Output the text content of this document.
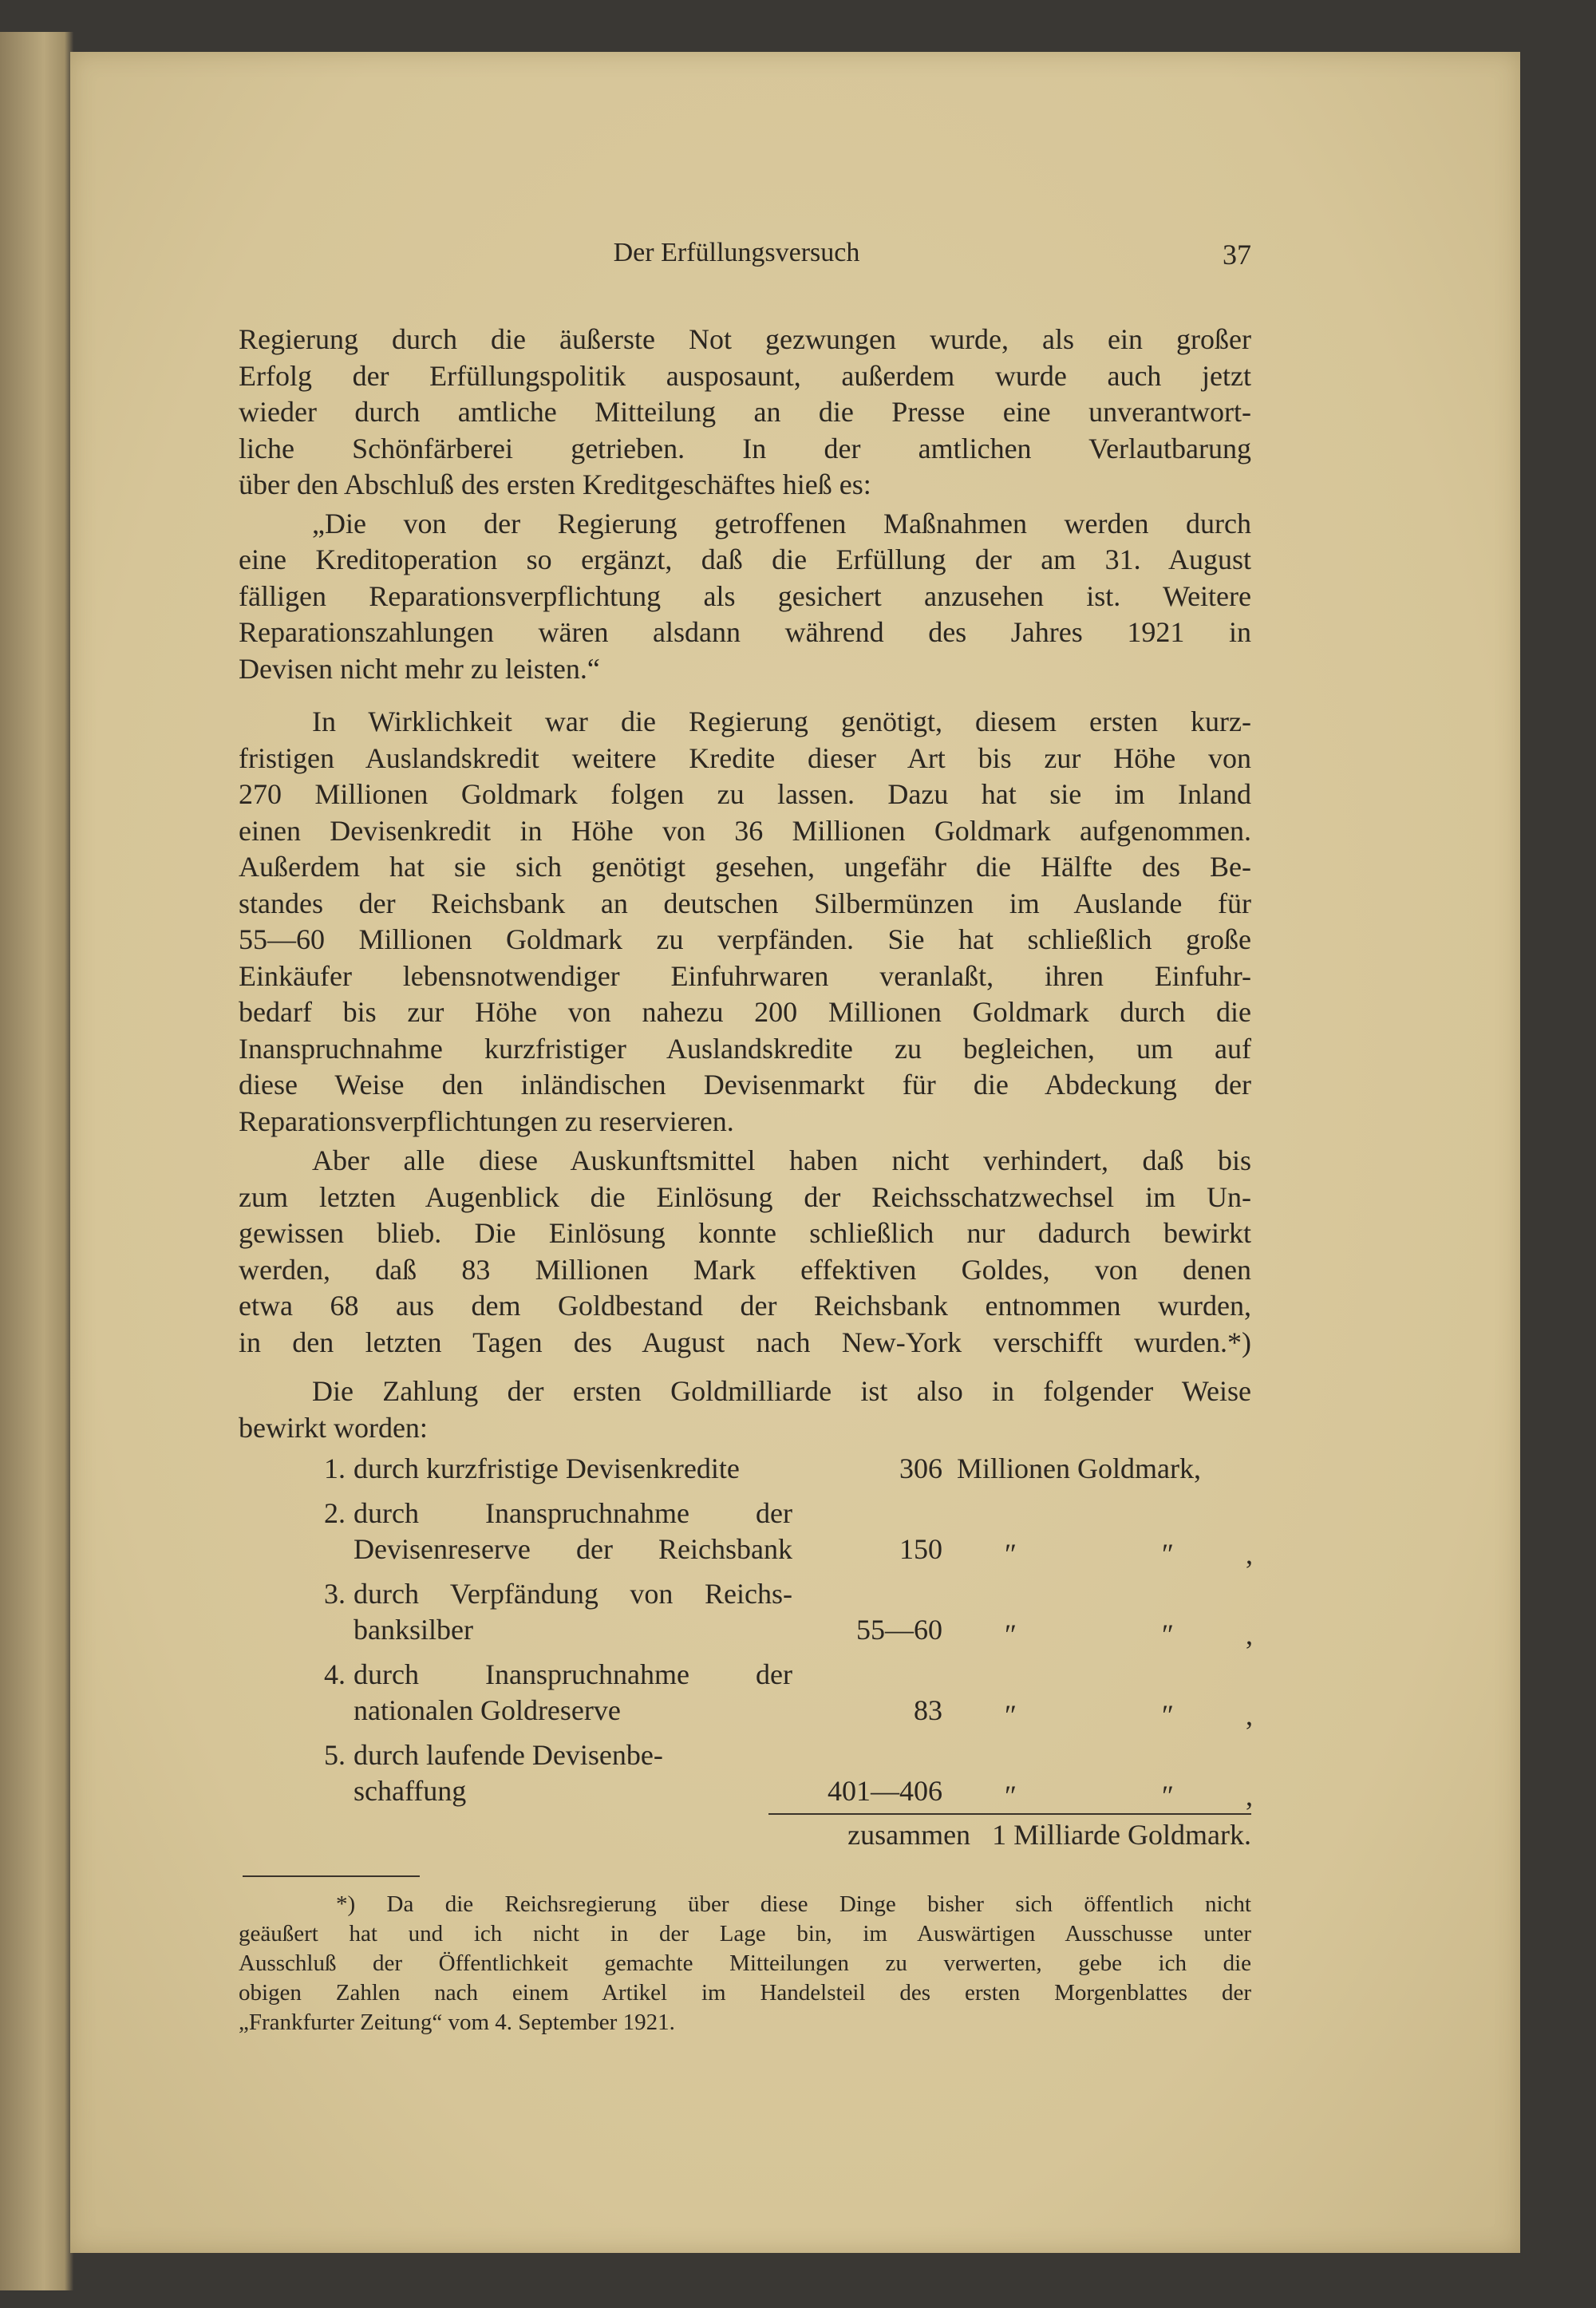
Der Erfüllungsversuch	37
Regierung durch die äußerste Not gezwungen wurde, als ein großer
Erfolg der Erfüllungspolitik ausposaunt, außerdem wurde auch jetzt
wieder durch amtliche Mitteilung an die Presse eine unverantwort-
liche Schönfärberei getrieben. In der amtlichen Verlautbarung
über den Abschluß des ersten Kreditgeschäftes hieß es:
„Die von der Regierung getroffenen Maßnahmen werden durch
eine Kreditoperation so ergänzt, daß die Erfüllung der am 31. August
fälligen Reparationsverpflichtung als gesichert anzusehen ist. Weitere
Reparationszahlungen wären alsdann während des Jahres 1921 in
Devisen nicht mehr zu leisten.“
In Wirklichkeit war die Regierung genötigt, diesem ersten kurz-
fristigen Auslandskredit weitere Kredite dieser Art bis zur Höhe von
270 Millionen Goldmark folgen zu lassen. Dazu hat sie im Inland
einen Devisenkredit in Höhe von 36 Millionen Goldmark aufgenommen.
Außerdem hat sie sich genötigt gesehen, ungefähr die Hälfte des Be-
standes der Reichsbank an deutschen Silbermünzen im Auslande für
55—60 Millionen Goldmark zu verpfänden. Sie hat schließlich große
Einkäufer lebensnotwendiger Einfuhrwaren veranlaßt, ihren Einfuhr-
bedarf bis zur Höhe von nahezu 200 Millionen Goldmark durch die
Inanspruchnahme kurzfristiger Auslandskredite zu begleichen, um auf
diese Weise den inländischen Devisenmarkt für die Abdeckung der
Reparationsverpflichtungen zu reservieren.
Aber alle diese Auskunftsmittel haben nicht verhindert, daß bis
zum letzten Augenblick die Einlösung der Reichsschatzwechsel im Un-
gewissen blieb. Die Einlösung konnte schließlich nur dadurch bewirkt
werden, daß 83 Millionen Mark effektiven Goldes, von denen
etwa 68 aus dem Goldbestand der Reichsbank entnommen wurden,
in den letzten Tagen des August nach New-York verschifft wurden.*)
Die Zahlung der ersten Goldmilliarde ist also in folgender Weise
bewirkt worden:
1. durch kurzfristige Devisenkredite	306 Millionen Goldmark,
2. durch Inanspruchnahme der
Devisenreserve der Reichsbank	150 ″	″	,
3. durch Verpfändung von Reichs-
banksilber	55—60 ″	″	,
4. durch Inanspruchnahme der
nationalen Goldreserve	83 ″	″	,
5. durch laufende Devisenbe-
schaffung	401—406 ″	″	,
zusammen 1 Milliarde Goldmark.
*) Da die Reichsregierung über diese Dinge bisher sich öffentlich nicht
geäußert hat und ich nicht in der Lage bin, im Auswärtigen Ausschusse unter
Ausschluß der Öffentlichkeit gemachte Mitteilungen zu verwerten, gebe ich die
obigen Zahlen nach einem Artikel im Handelsteil des ersten Morgenblattes der
„Frankfurter Zeitung“ vom 4. September 1921.
